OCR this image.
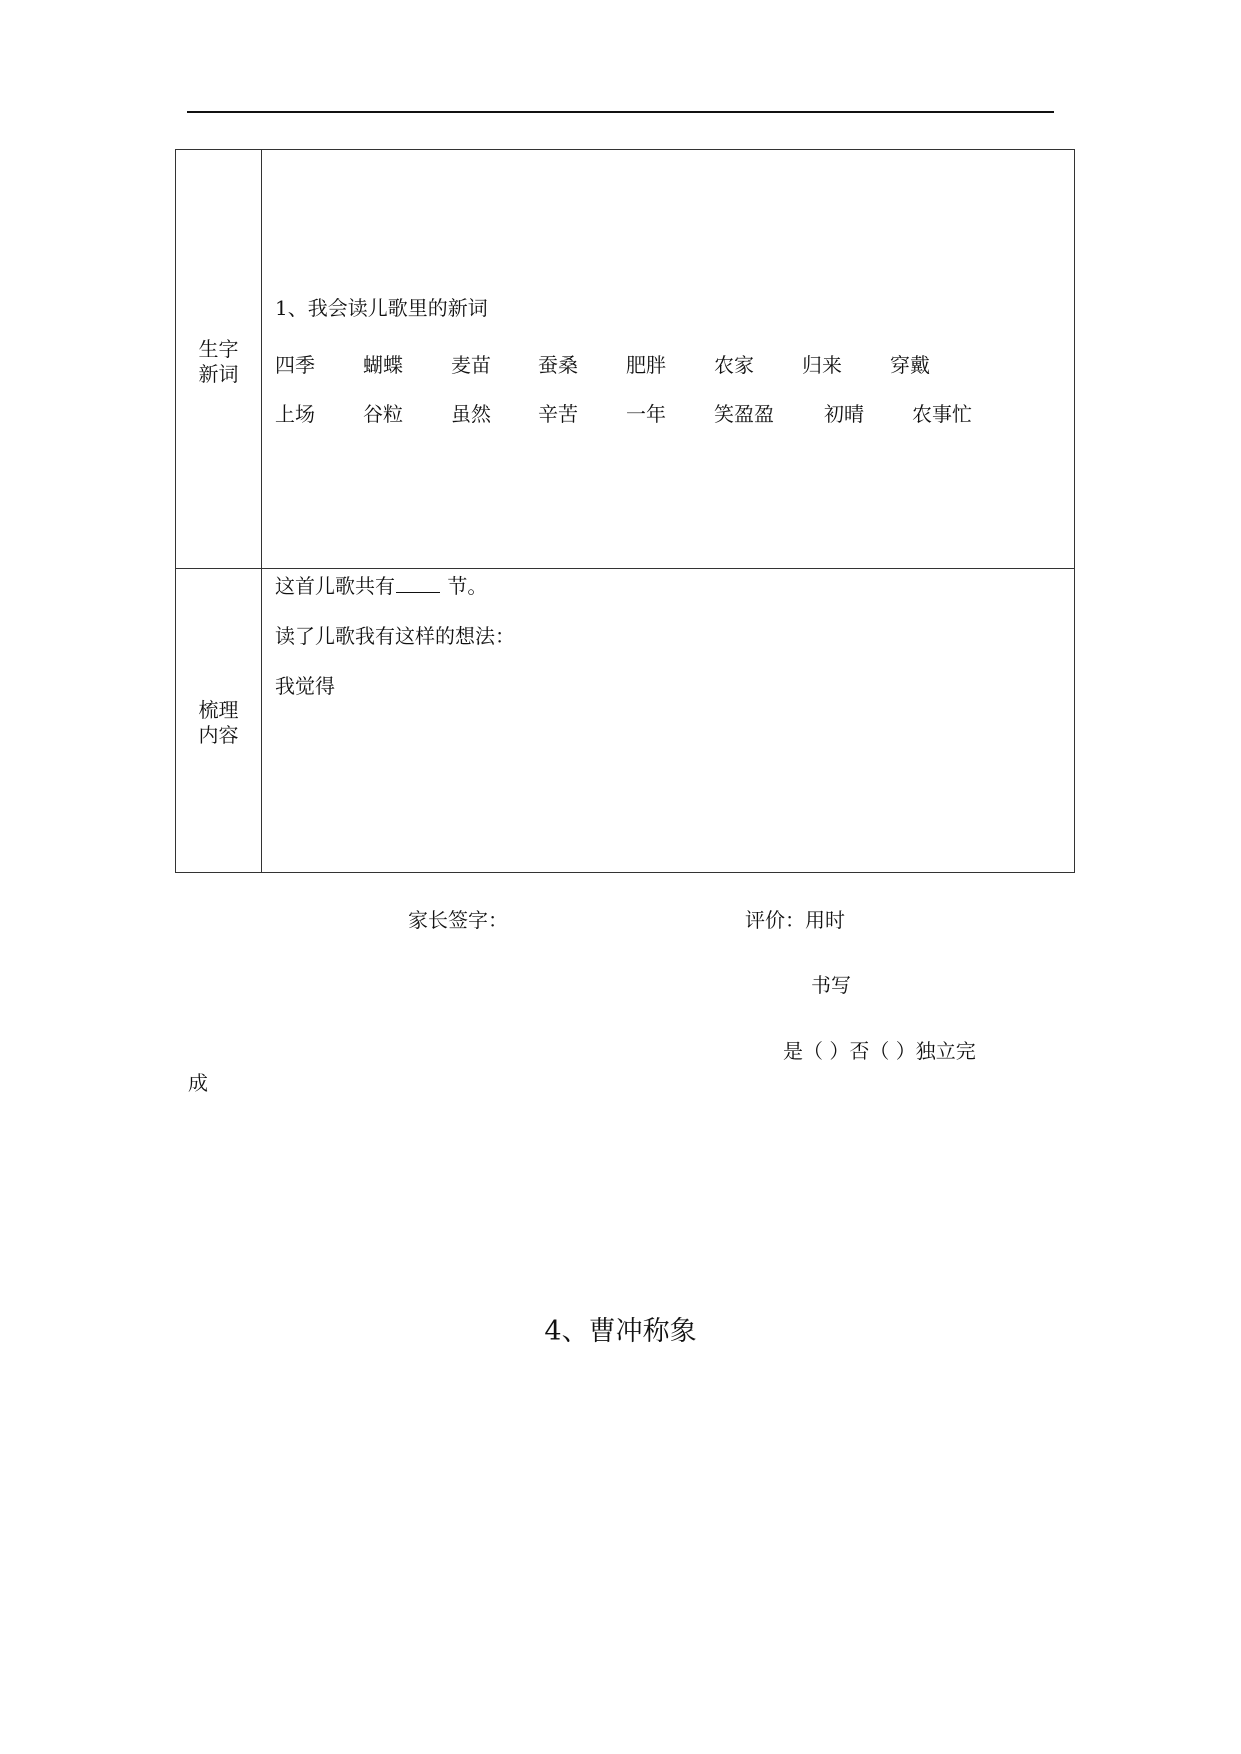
生字
新词
1、我会读儿歌里的新词
四季 蝴蝶 麦苗 蚕桑 肥胖 农家 归来 穿戴
上场 谷粒 虽然 辛苦 一年 笑盈盈	初晴 农事忙
梳理
内容
这首儿歌共有 节。
读了儿歌我有这样的想法：
我觉得
家长签字：	评价：用时
书写
是（ ）否（ ）独立完
成
4、曹冲称象
